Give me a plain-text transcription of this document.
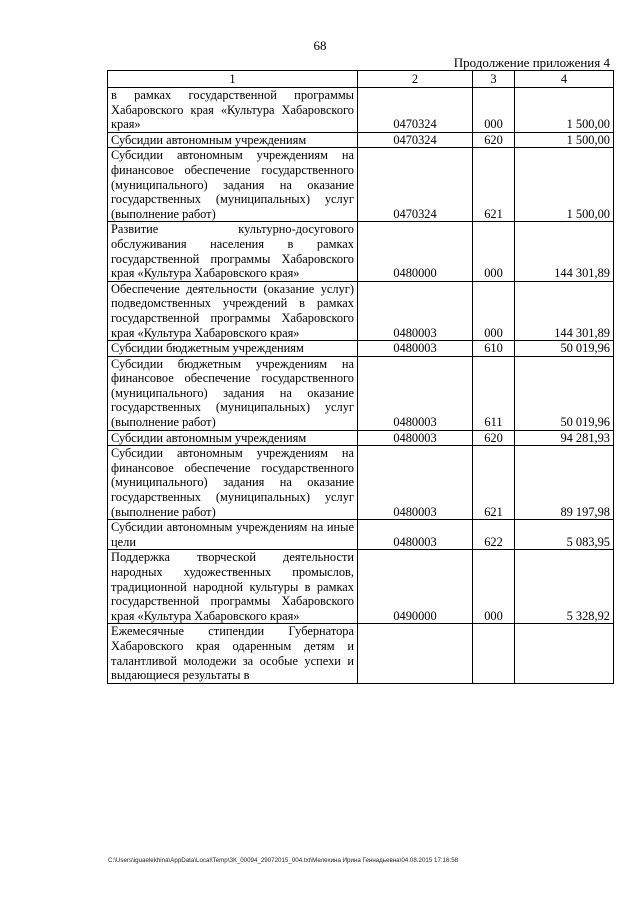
68
Продолжение приложения 4
1	2	3	4
в рамках государственной программы Хабаровского края «Культура Хабаровского края»	0470324	000	1 500,00
Субсидии автономным учреждениям	0470324	620	1 500,00
Субсидии автономным учреждениям на финансовое обеспечение государственного (муниципального) задания на оказание государственных (муниципальных) услуг (выполнение работ)	0470324	621	1 500,00
Развитие культурно-досугового обслуживания населения в рамках государственной программы Хабаровского края «Культура Хабаровского края»	0480000	000	144 301,89
Обеспечение деятельности (оказание услуг) подведомственных учреждений в рамках государственной программы Хабаровского края «Культура Хабаровского края»	0480003	000	144 301,89
Субсидии бюджетным учреждениям	0480003	610	50 019,96
Субсидии бюджетным учреждениям на финансовое обеспечение государственного (муниципального) задания на оказание государственных (муниципальных) услуг (выполнение работ)	0480003	611	50 019,96
Субсидии автономным учреждениям	0480003	620	94 281,93
Субсидии автономным учреждениям на финансовое обеспечение государственного (муниципального) задания на оказание государственных (муниципальных) услуг (выполнение работ)	0480003	621	89 197,98
Субсидии автономным учреждениям на иные цели	0480003	622	5 083,95
Поддержка творческой деятельности народных художественных промыслов, традиционной народной культуры в рамках государственной программы Хабаровского края «Культура Хабаровского края»	0490000	000	5 328,92
Ежемесячные стипендии Губернатора Хабаровского края одаренным детям и талантливой молодежи за особые успехи и выдающиеся результаты в			
C:\Users\iguaelekhina\AppData\Local\Temp\ЗК_00094_29072015_004.txt\Мелехина Ирина Геннадьевна\04.08.2015 17:16:58
